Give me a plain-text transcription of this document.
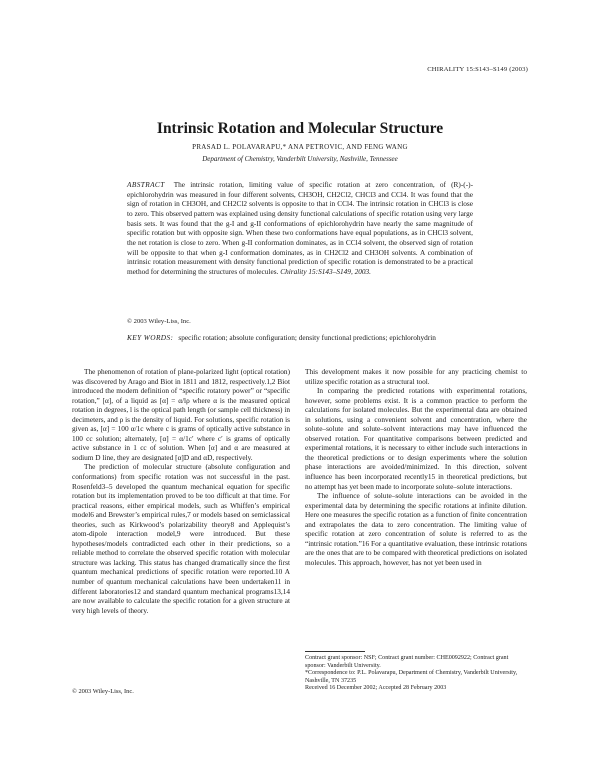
CHIRALITY 15:S143–S149 (2003)
Intrinsic Rotation and Molecular Structure
PRASAD L. POLAVARAPU,* ANA PETROVIC, AND FENG WANG
Department of Chemistry, Vanderbilt University, Nashville, Tennessee
ABSTRACT The intrinsic rotation, limiting value of specific rotation at zero concentration, of (R)-(-)-epichlorohydrin was measured in four different solvents, CH3OH, CH2Cl2, CHCl3 and CCl4. It was found that the sign of rotation in CH3OH, and CH2Cl2 solvents is opposite to that in CCl4. The intrinsic rotation in CHCl3 is close to zero. This observed pattern was explained using density functional calculations of specific rotation using very large basis sets. It was found that the g-I and g-II conformations of epichlorohydrin have nearly the same magnitude of specific rotation but with opposite sign. When these two conformations have equal populations, as in CHCl3 solvent, the net rotation is close to zero. When g-II conformation dominates, as in CCl4 solvent, the observed sign of rotation will be opposite to that when g-I conformation dominates, as in CH2Cl2 and CH3OH solvents. A combination of intrinsic rotation measurement with density functional prediction of specific rotation is demonstrated to be a practical method for determining the structures of molecules. Chirality 15:S143–S149, 2003.
© 2003 Wiley-Liss, Inc.
KEY WORDS: specific rotation; absolute configuration; density functional predictions; epichlorohydrin

The phenomenon of rotation of plane-polarized light (optical rotation) was discovered by Arago and Biot in 1811 and 1812, respectively.1,2 Biot introduced the modern definition of “specific rotatory power” or “specific rotation,” [α], of a liquid as [α] = α/lρ where α is the measured optical rotation in degrees, l is the optical path length (or sample cell thickness) in decimeters, and ρ is the density of liquid. For solutions, specific rotation is given as, [α] = 100 α/1c where c is grams of optically active substance in 100 cc solution; alternately, [α] = α/1c′ where c′ is grams of optically active substance in 1 cc of solution. When [α] and α are measured at sodium D line, they are designated [α]D and αD, respectively.

The prediction of molecular structure (absolute configuration and conformations) from specific rotation was not successful in the past. Rosenfeld3–5 developed the quantum mechanical equation for specific rotation but its implementation proved to be too difficult at that time. For practical reasons, either empirical models, such as Whiffen’s empirical model6 and Brewster’s empirical rules,7 or models based on semiclassical theories, such as Kirkwood’s polarizability theory8 and Applequist’s atom-dipole interaction model,9 were introduced. But these hypotheses/models contradicted each other in their predictions, so a reliable method to correlate the observed specific rotation with molecular structure was lacking. This status has changed dramatically since the first quantum mechanical predictions of specific rotation were reported.10 A number of quantum mechanical calculations have been undertaken11 in different laboratories12 and standard quantum mechanical programs13,14 are now available to calculate the specific rotation for a given structure at very high levels of theory.

This development makes it now possible for any practicing chemist to utilize specific rotation as a structural tool.

In comparing the predicted rotations with experimental rotations, however, some problems exist. It is a common practice to perform the calculations for isolated molecules. But the experimental data are obtained in solutions, using a convenient solvent and concentration, where the solute–solute and solute–solvent interactions may have influenced the observed rotation. For quantitative comparisons between predicted and experimental rotations, it is necessary to either include such interactions in the theoretical predictions or to design experiments where the solution phase interactions are avoided/minimized. In this direction, solvent influence has been incorporated recently15 in theoretical predictions, but no attempt has yet been made to incorporate solute–solute interactions.

The influence of solute–solute interactions can be avoided in the experimental data by determining the specific rotations at infinite dilution. Here one measures the specific rotation as a function of finite concentration and extrapolates the data to zero concentration. The limiting value of specific rotation at zero concentration of solute is referred to as the “intrinsic rotation.”16 For a quantitative evaluation, these intrinsic rotations are the ones that are to be compared with theoretical predictions on isolated molecules. This approach, however, has not yet been used in

Contract grant sponsor: NSF; Contract grant number: CHE0092922; Contract grant sponsor: Vanderbilt University.
*Correspondence to: P.L. Polavarapu, Department of Chemistry, Vanderbilt University, Nashville, TN 37235
Received 16 December 2002; Accepted 28 February 2003
© 2003 Wiley-Liss, Inc.
